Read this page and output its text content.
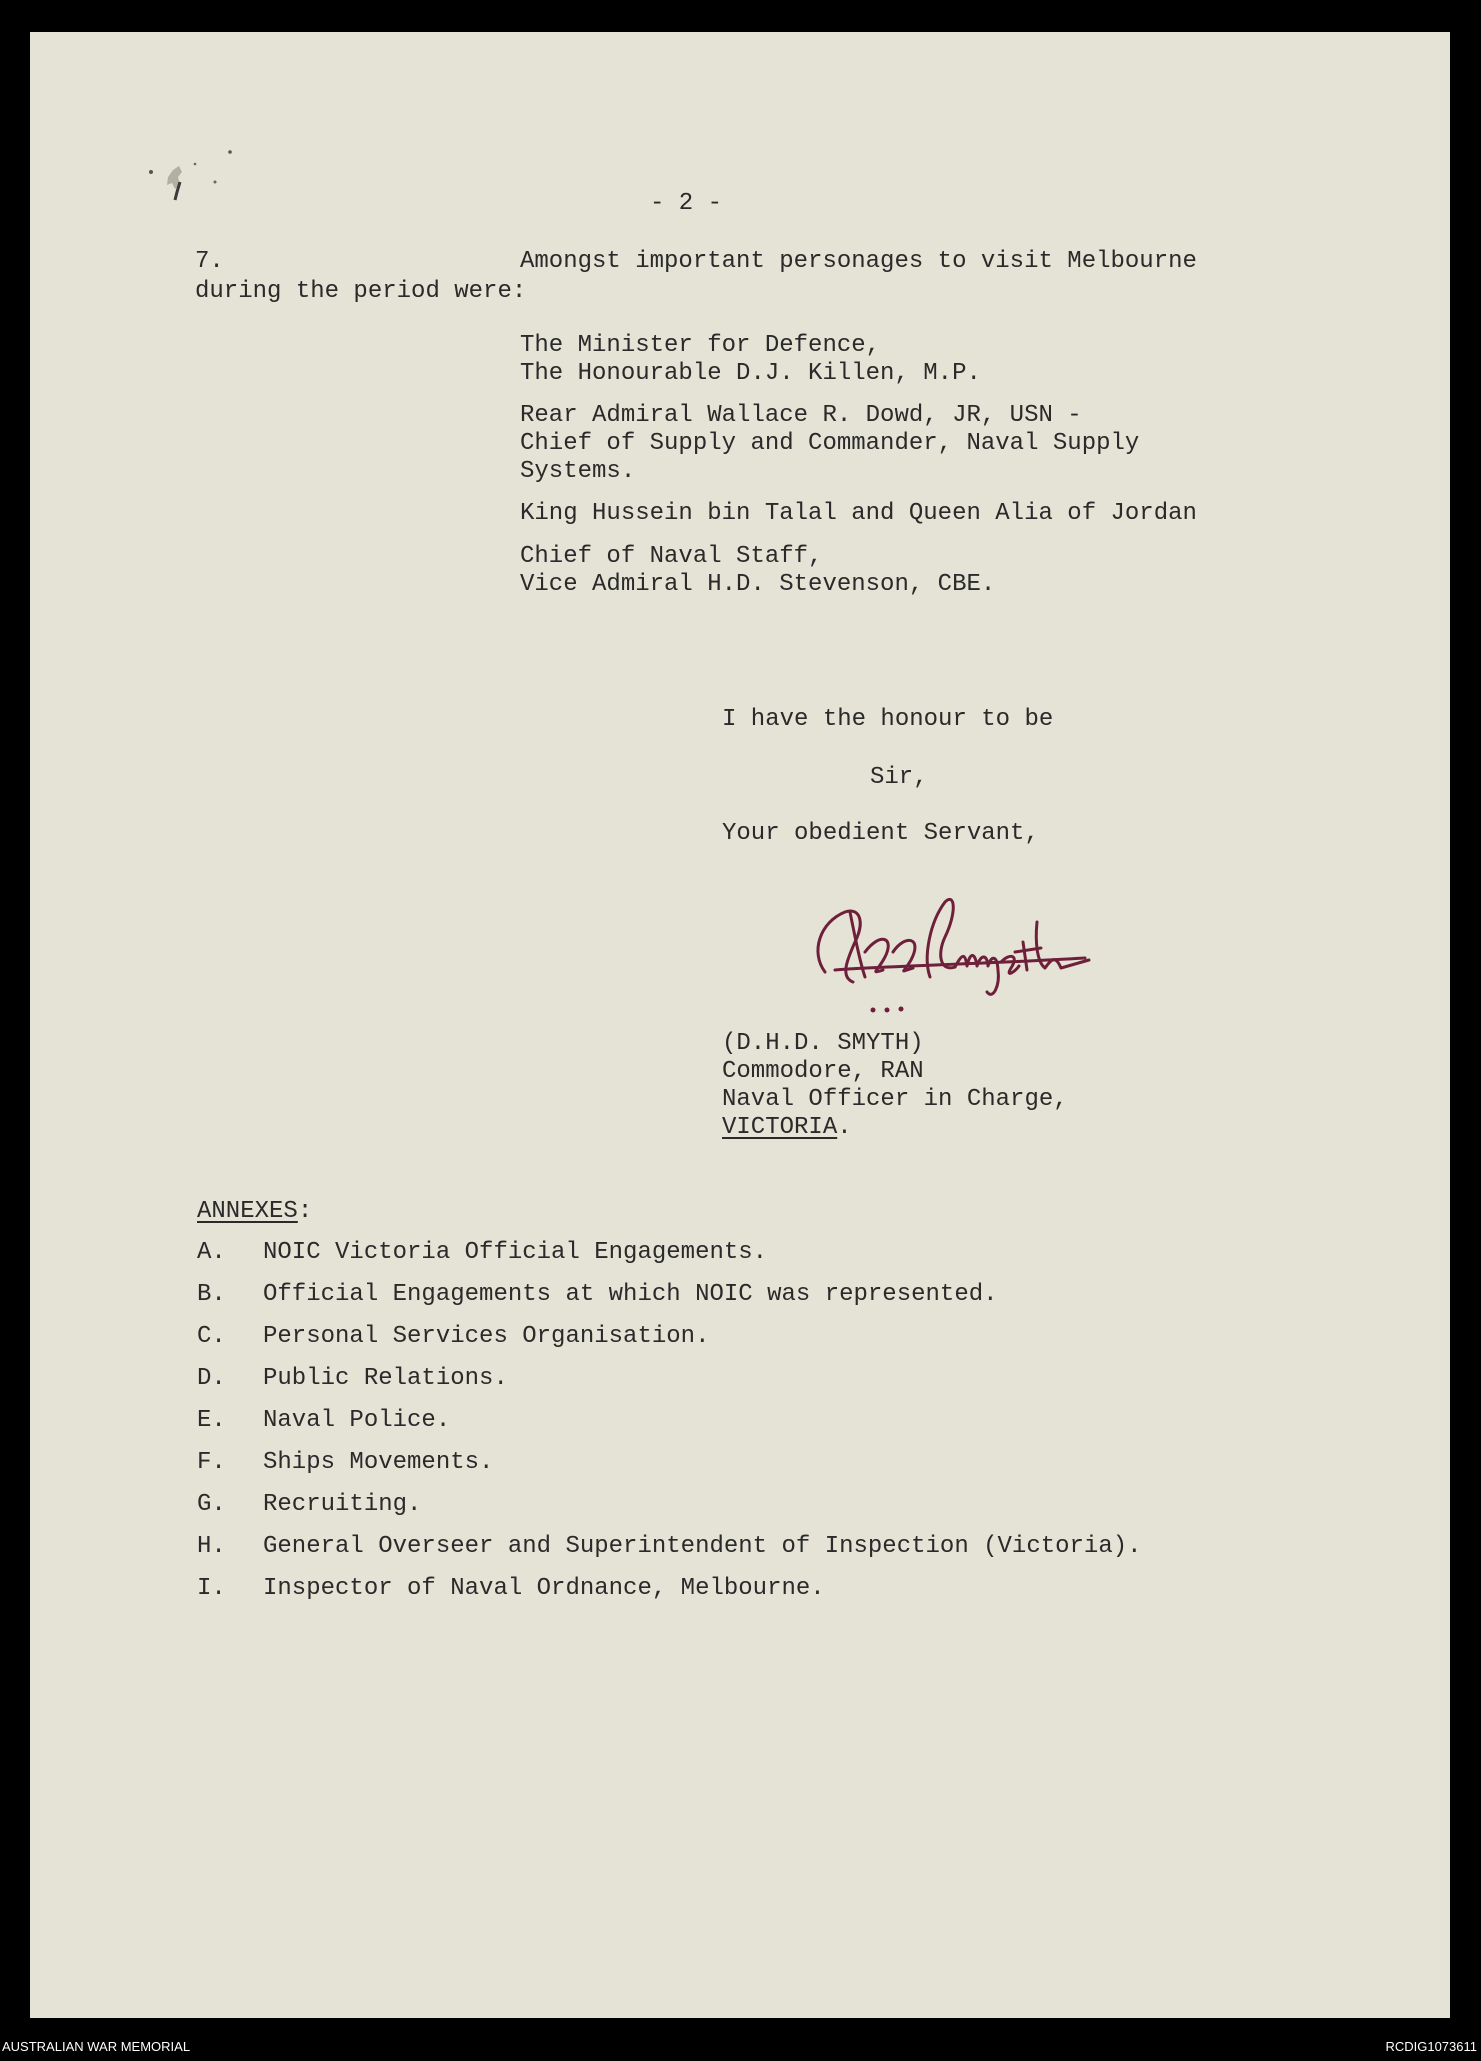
- 2 -
7.	Amongst important personages to visit Melbourne
during the period were:
The Minister for Defence,
The Honourable D.J. Killen, M.P.
Rear Admiral Wallace R. Dowd, JR, USN -
Chief of Supply and Commander, Naval Supply
Systems.
King Hussein bin Talal and Queen Alia of Jordan
Chief of Naval Staff,
Vice Admiral H.D. Stevenson, CBE.
I have the honour to be
Sir,
Your obedient Servant,
(D.H.D. SMYTH)
Commodore, RAN
Naval Officer in Charge,
VICTORIA.
ANNEXES:
A. NOIC Victoria Official Engagements.
B. Official Engagements at which NOIC was represented.
C. Personal Services Organisation.
D. Public Relations.
E. Naval Police.
F. Ships Movements.
G. Recruiting.
H. General Overseer and Superintendent of Inspection (Victoria).
I. Inspector of Naval Ordnance, Melbourne.
AUSTRALIAN WAR MEMORIAL	RCDIG1073611
